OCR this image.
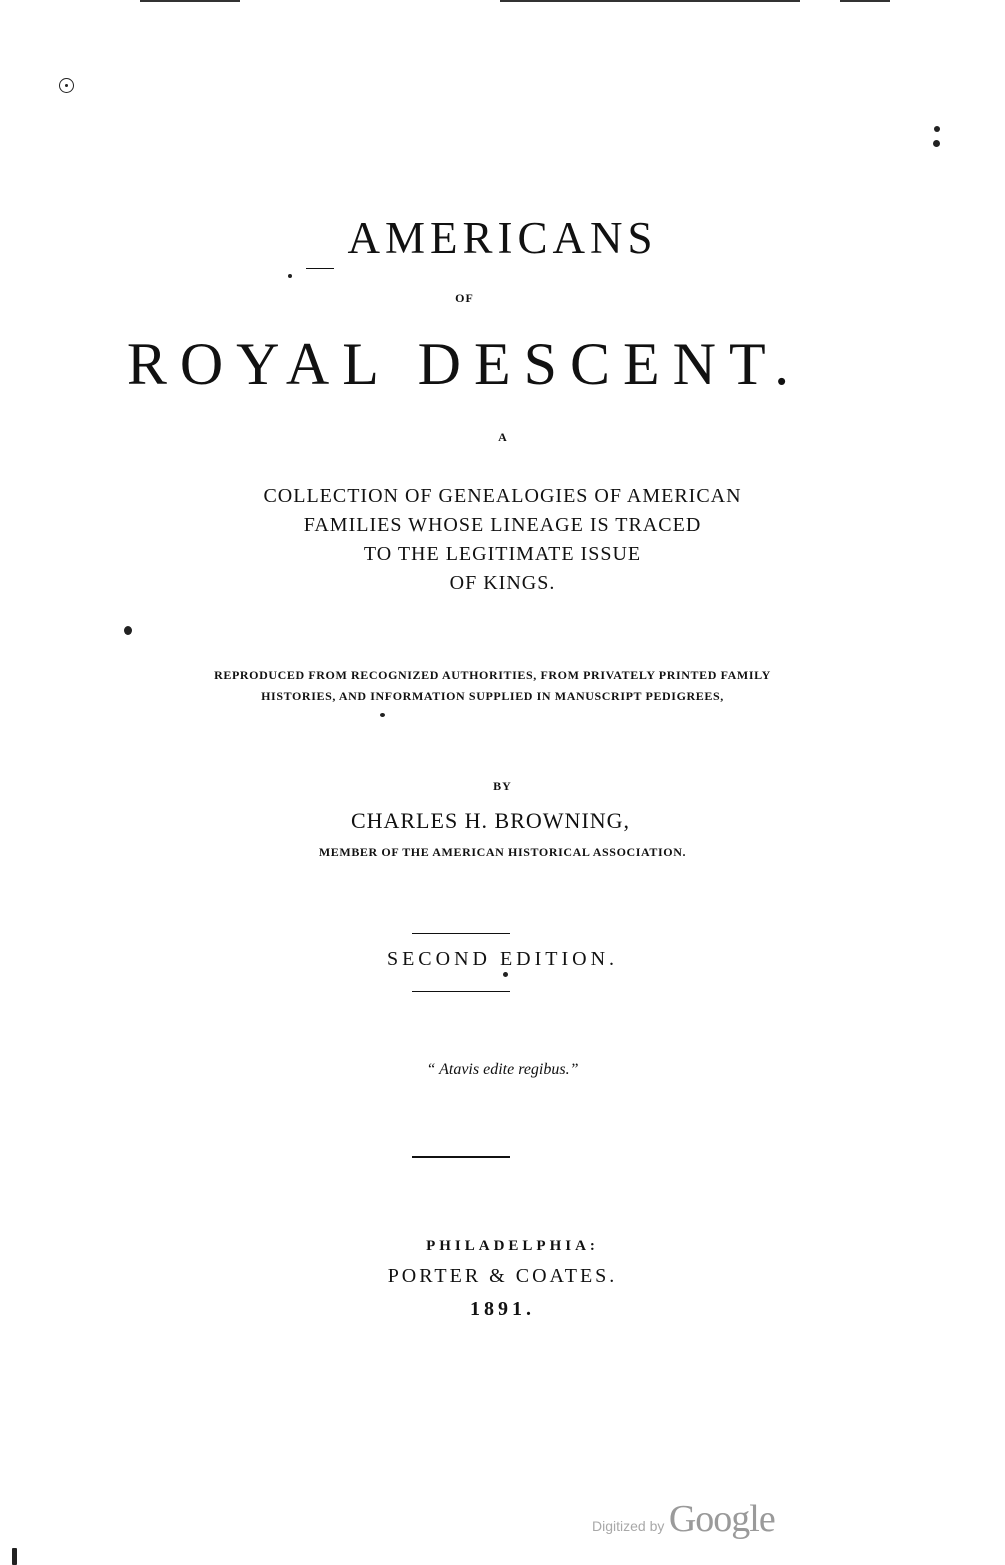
AMERICANS
OF
ROYAL DESCENT.
A
COLLECTION OF GENEALOGIES OF AMERICAN
FAMILIES WHOSE LINEAGE IS TRACED
TO THE LEGITIMATE ISSUE
OF KINGS.
REPRODUCED FROM RECOGNIZED AUTHORITIES, FROM PRIVATELY PRINTED FAMILY
HISTORIES, AND INFORMATION SUPPLIED IN MANUSCRIPT PEDIGREES,
BY
CHARLES H. BROWNING,
MEMBER OF THE AMERICAN HISTORICAL ASSOCIATION.
SECOND EDITION.
“ Atavis edite regibus.”
PHILADELPHIA:
PORTER & COATES.
1891.
Digitized by Google
